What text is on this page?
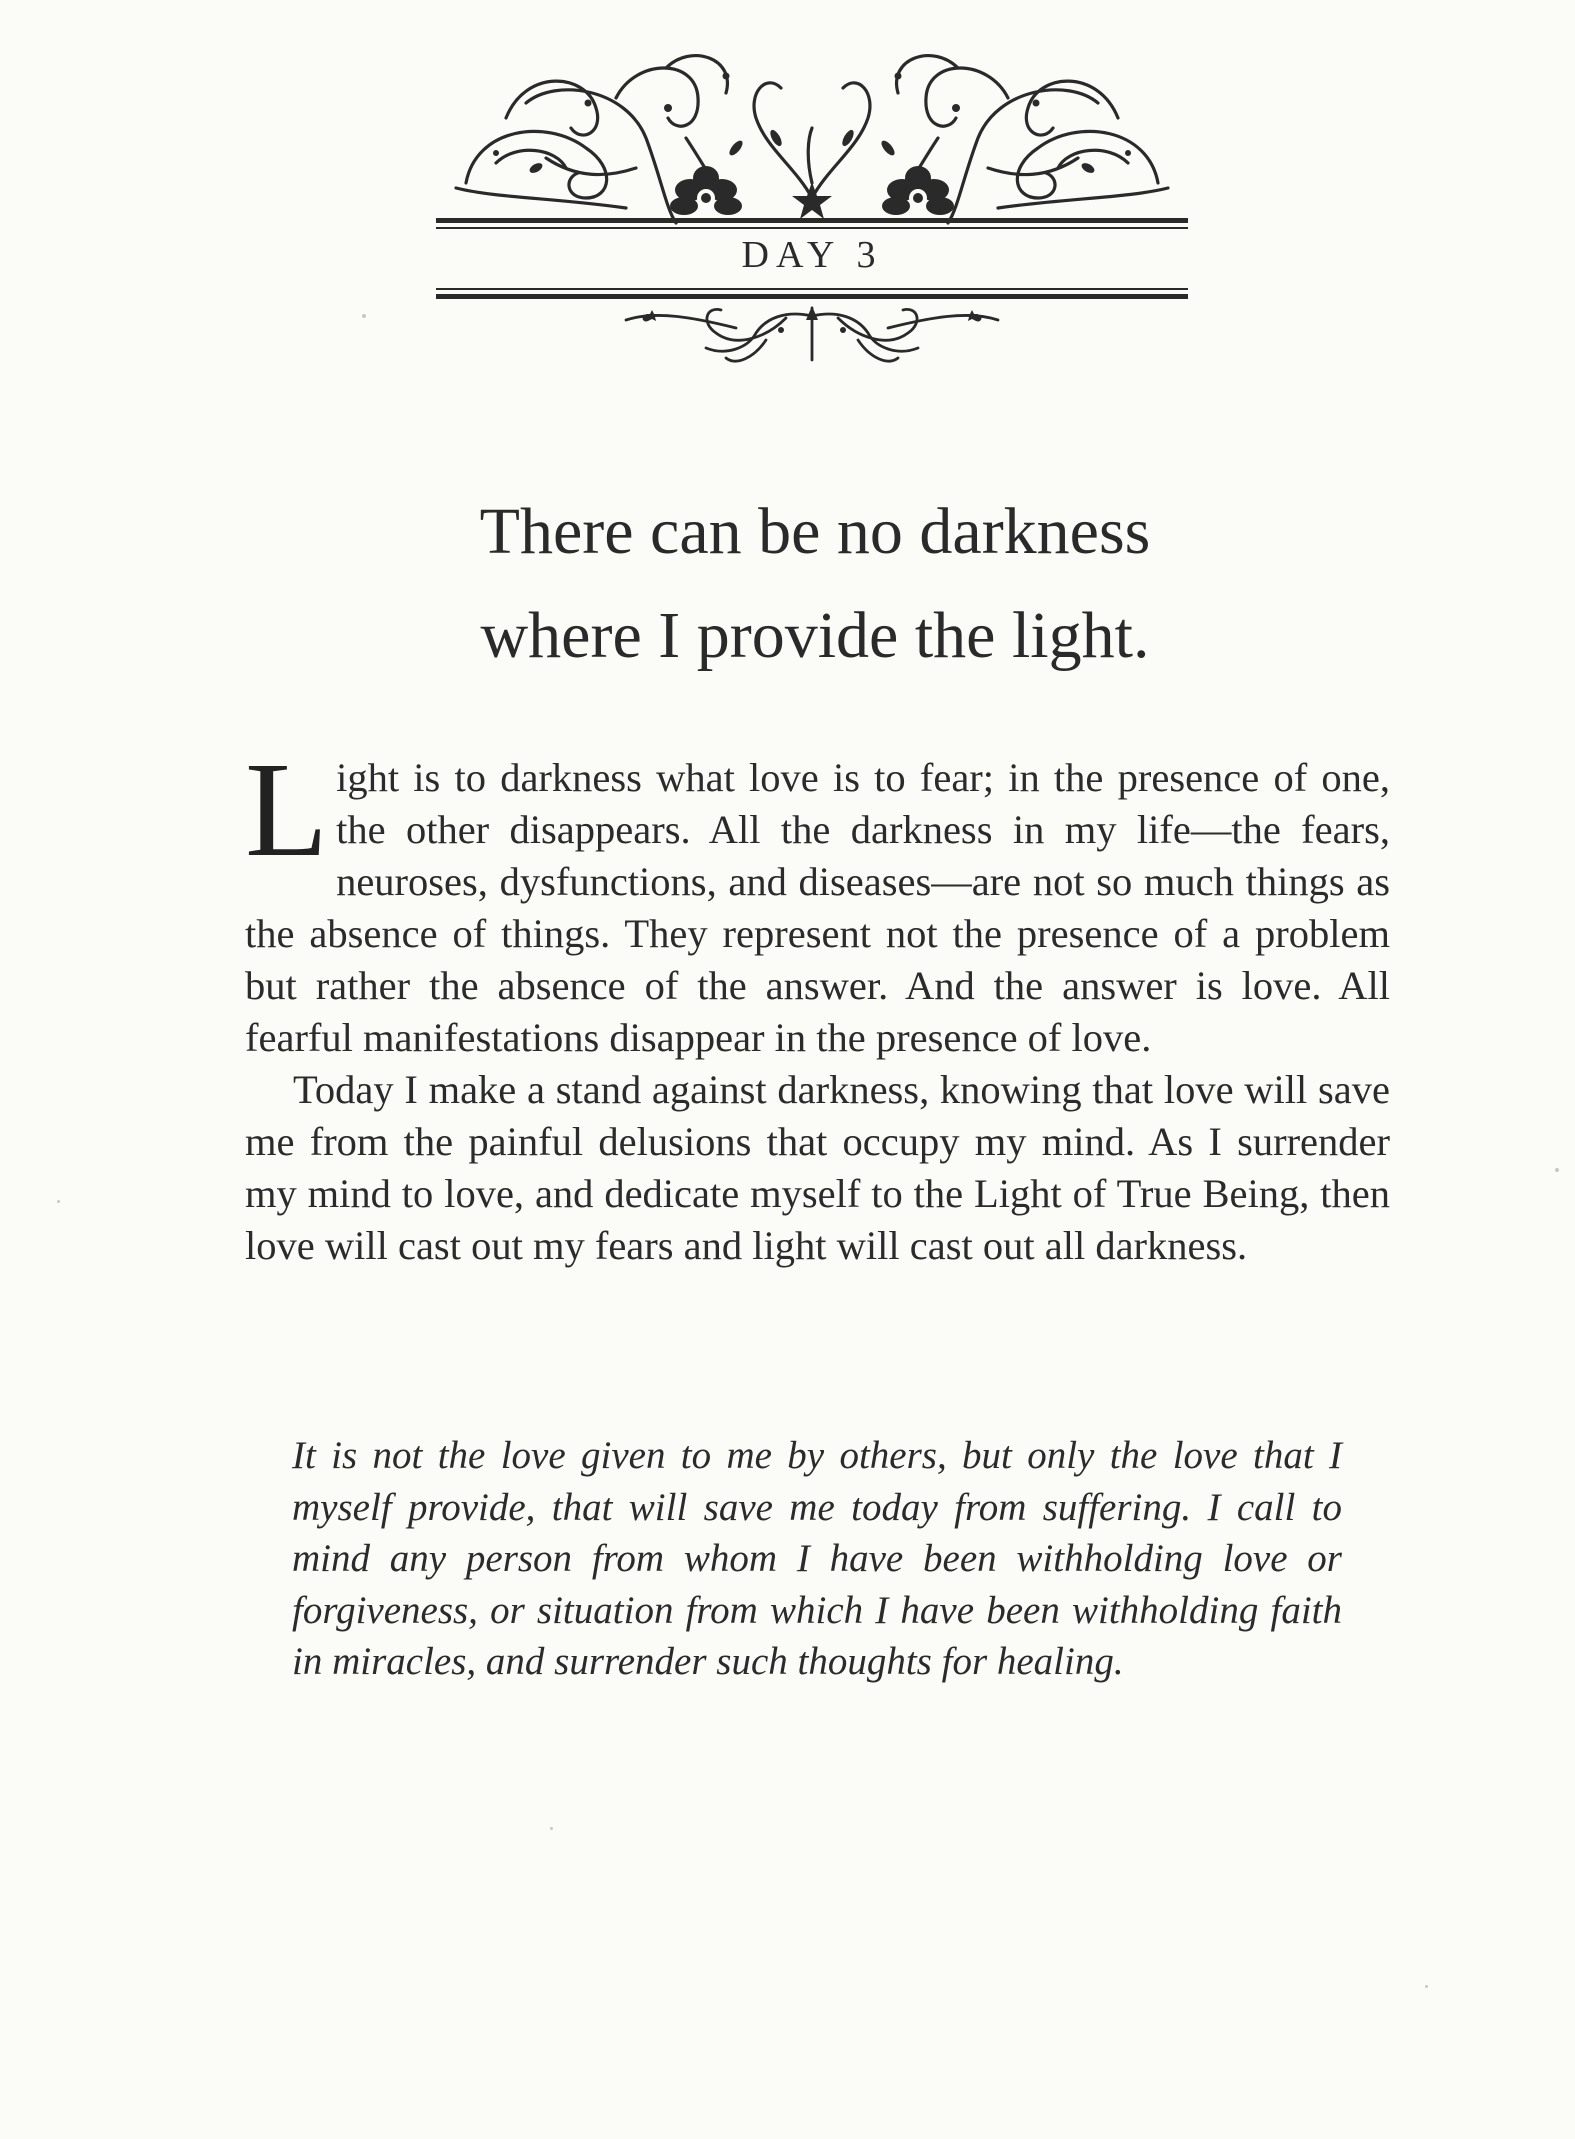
DAY 3
There can be no darkness
where I provide the light.

Light is to darkness what love is to fear; in the presence of one, the other disappears. All the darkness in my life—the fears, neuroses, dysfunctions, and diseases—are not so much things as the absence of things. They represent not the presence of a problem but rather the absence of the answer. And the answer is love. All fearful manifestations disappear in the presence of love.

Today I make a stand against darkness, knowing that love will save me from the painful delusions that occupy my mind. As I surrender my mind to love, and dedicate myself to the Light of True Being, then love will cast out my fears and light will cast out all darkness.

It is not the love given to me by others, but only the love that I myself provide, that will save me today from suffering. I call to mind any person from whom I have been withholding love or forgiveness, or situation from which I have been withholding faith in miracles, and surrender such thoughts for healing.
